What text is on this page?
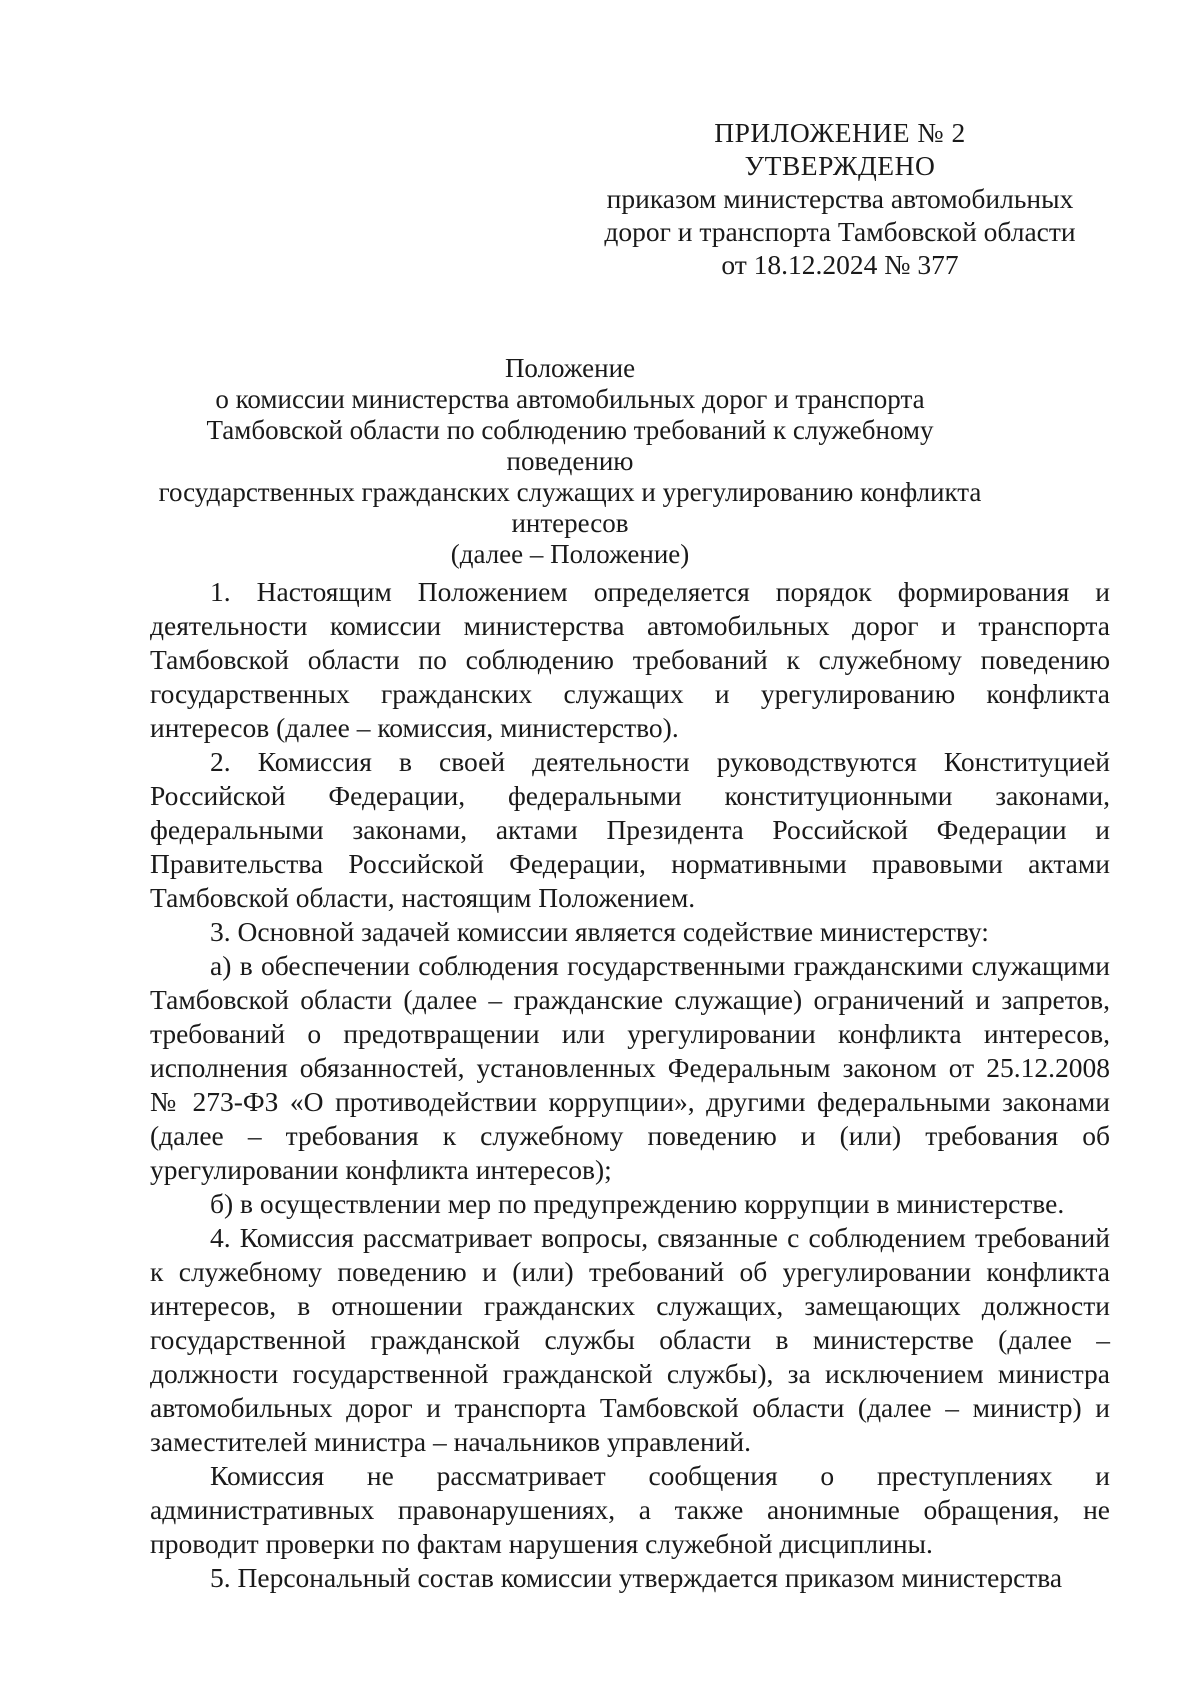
ПРИЛОЖЕНИЕ № 2
УТВЕРЖДЕНО
приказом министерства автомобильных
дорог и транспорта Тамбовской области
от 18.12.2024 № 377
Положение
о комиссии министерства автомобильных дорог и транспорта
Тамбовской области по соблюдению требований к служебному поведению
государственных гражданских служащих и урегулированию конфликта
интересов
(далее – Положение)

1. Настоящим Положением определяется порядок формирования и деятельности комиссии министерства автомобильных дорог и транспорта Тамбовской области по соблюдению требований к служебному поведению государственных гражданских служащих и урегулированию конфликта интересов (далее – комиссия, министерство).

2. Комиссия в своей деятельности руководствуются Конституцией Российской Федерации, федеральными конституционными законами, федеральными законами, актами Президента Российской Федерации и Правительства Российской Федерации, нормативными правовыми актами Тамбовской области, настоящим Положением.

3. Основной задачей комиссии является содействие министерству:

а) в обеспечении соблюдения государственными гражданскими служащими Тамбовской области (далее – гражданские служащие) ограничений и запретов, требований о предотвращении или урегулировании конфликта интересов, исполнения обязанностей, установленных Федеральным законом от 25.12.2008 № 273-ФЗ «О противодействии коррупции», другими федеральными законами (далее – требования к служебному поведению и (или) требования об урегулировании конфликта интересов);

б) в осуществлении мер по предупреждению коррупции в министерстве.

4. Комиссия рассматривает вопросы, связанные с соблюдением требований к служебному поведению и (или) требований об урегулировании конфликта интересов, в отношении гражданских служащих, замещающих должности государственной гражданской службы области в министерстве (далее – должности государственной гражданской службы), за исключением министра автомобильных дорог и транспорта Тамбовской области (далее – министр) и заместителей министра – начальников управлений.

Комиссия не рассматривает сообщения о преступлениях и административных правонарушениях, а также анонимные обращения, не проводит проверки по фактам нарушения служебной дисциплины.

5. Персональный состав комиссии утверждается приказом министерства
